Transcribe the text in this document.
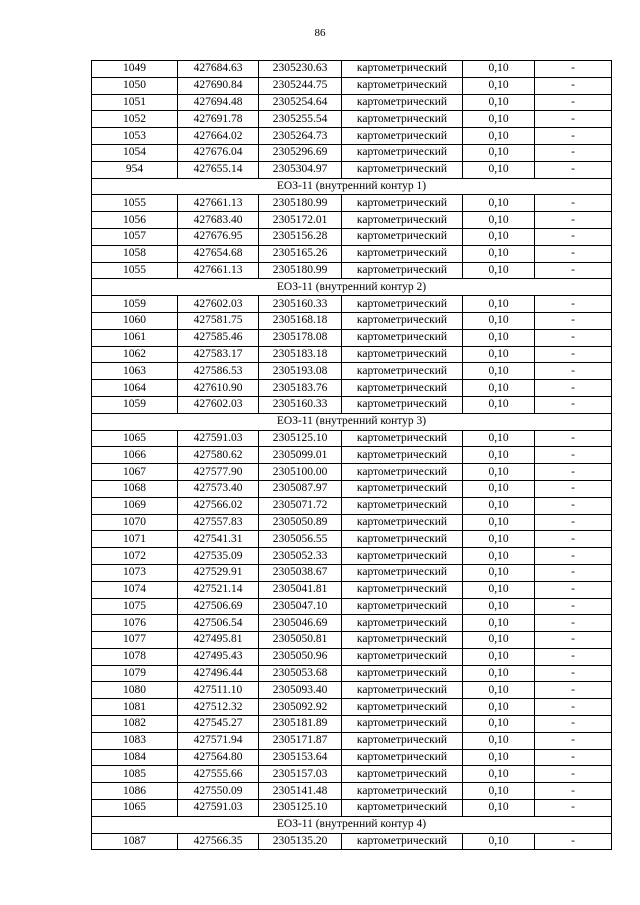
86
1049	427684.63	2305230.63	картометрический	0,10	-
1050	427690.84	2305244.75	картометрический	0,10	-
1051	427694.48	2305254.64	картометрический	0,10	-
1052	427691.78	2305255.54	картометрический	0,10	-
1053	427664.02	2305264.73	картометрический	0,10	-
1054	427676.04	2305296.69	картометрический	0,10	-
954	427655.14	2305304.97	картометрический	0,10	-
ЕОЗ-11 (внутренний контур 1)					
1055	427661.13	2305180.99	картометрический	0,10	-
1056	427683.40	2305172.01	картометрический	0,10	-
1057	427676.95	2305156.28	картометрический	0,10	-
1058	427654.68	2305165.26	картометрический	0,10	-
1055	427661.13	2305180.99	картометрический	0,10	-
ЕОЗ-11 (внутренний контур 2)					
1059	427602.03	2305160.33	картометрический	0,10	-
1060	427581.75	2305168.18	картометрический	0,10	-
1061	427585.46	2305178.08	картометрический	0,10	-
1062	427583.17	2305183.18	картометрический	0,10	-
1063	427586.53	2305193.08	картометрический	0,10	-
1064	427610.90	2305183.76	картометрический	0,10	-
1059	427602.03	2305160.33	картометрический	0,10	-
ЕОЗ-11 (внутренний контур 3)					
1065	427591.03	2305125.10	картометрический	0,10	-
1066	427580.62	2305099.01	картометрический	0,10	-
1067	427577.90	2305100.00	картометрический	0,10	-
1068	427573.40	2305087.97	картометрический	0,10	-
1069	427566.02	2305071.72	картометрический	0,10	-
1070	427557.83	2305050.89	картометрический	0,10	-
1071	427541.31	2305056.55	картометрический	0,10	-
1072	427535.09	2305052.33	картометрический	0,10	-
1073	427529.91	2305038.67	картометрический	0,10	-
1074	427521.14	2305041.81	картометрический	0,10	-
1075	427506.69	2305047.10	картометрический	0,10	-
1076	427506.54	2305046.69	картометрический	0,10	-
1077	427495.81	2305050.81	картометрический	0,10	-
1078	427495.43	2305050.96	картометрический	0,10	-
1079	427496.44	2305053.68	картометрический	0,10	-
1080	427511.10	2305093.40	картометрический	0,10	-
1081	427512.32	2305092.92	картометрический	0,10	-
1082	427545.27	2305181.89	картометрический	0,10	-
1083	427571.94	2305171.87	картометрический	0,10	-
1084	427564.80	2305153.64	картометрический	0,10	-
1085	427555.66	2305157.03	картометрический	0,10	-
1086	427550.09	2305141.48	картометрический	0,10	-
1065	427591.03	2305125.10	картометрический	0,10	-
ЕОЗ-11 (внутренний контур 4)					
1087	427566.35	2305135.20	картометрический	0,10	-
